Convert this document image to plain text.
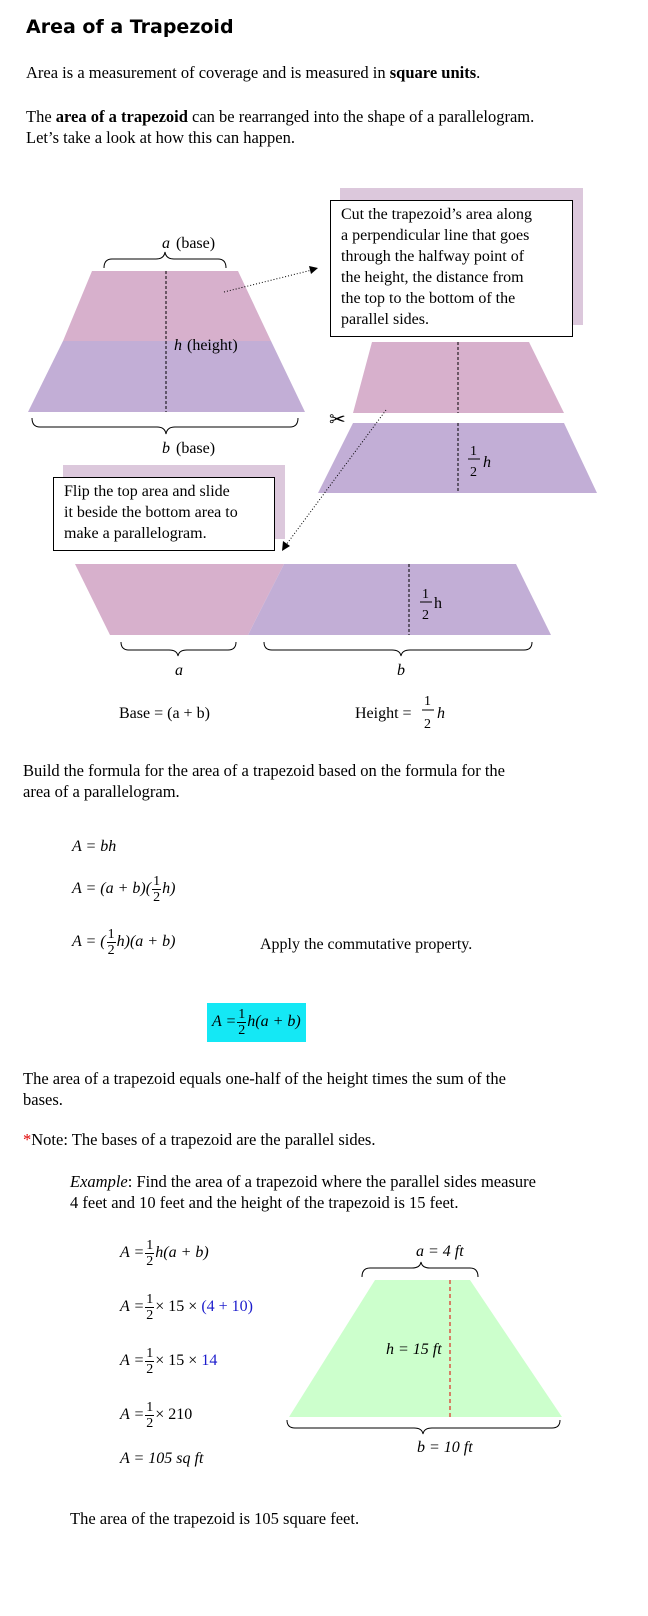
Area of a Trapezoid
Area is a measurement of coverage and is measured in square units.
The area of a trapezoid can be rearranged into the shape of a parallelogram.
Let’s take a look at how this can happen.
a (base)
h (height)
b (base)
✂
1
2
h
1
2
h
a	b
Base = (a + b)	Height =
1
2
h
Cut the trapezoid’s area along
a perpendicular line that goes
through the halfway point of
the height, the distance from
the top to the bottom of the
parallel sides.
Flip the top area and slide
it beside the bottom area to
make a parallelogram.
Build the formula for the area of a trapezoid based on the formula for the
area of a parallelogram.
A = bh
$A = (a + b)( \frac{1}{2} h)$
A = ( $\frac{1}{2} h)(a + b)$	Apply the commutative property.
$A = \frac{1}{2} h(a + b)$
The area of a trapezoid equals one-half of the height times the sum of the
bases.
*Note: The bases of a trapezoid are the parallel sides.
Example: Find the area of a trapezoid where the parallel sides measure
4 feet and 10 feet and the height of the trapezoid is 15 feet.
$A = \frac{1}{2} h(a + b)$
$A = \frac{1}{2} \times 15 \times (4 + 10)$
$A = \frac{1}{2} \times 15 \times 14$
$A = \frac{1}{2} \times 210$
A = 105 sq ft
a = 4 ft
h = 15 ft
b = 10 ft
The area of the trapezoid is 105 square feet.
